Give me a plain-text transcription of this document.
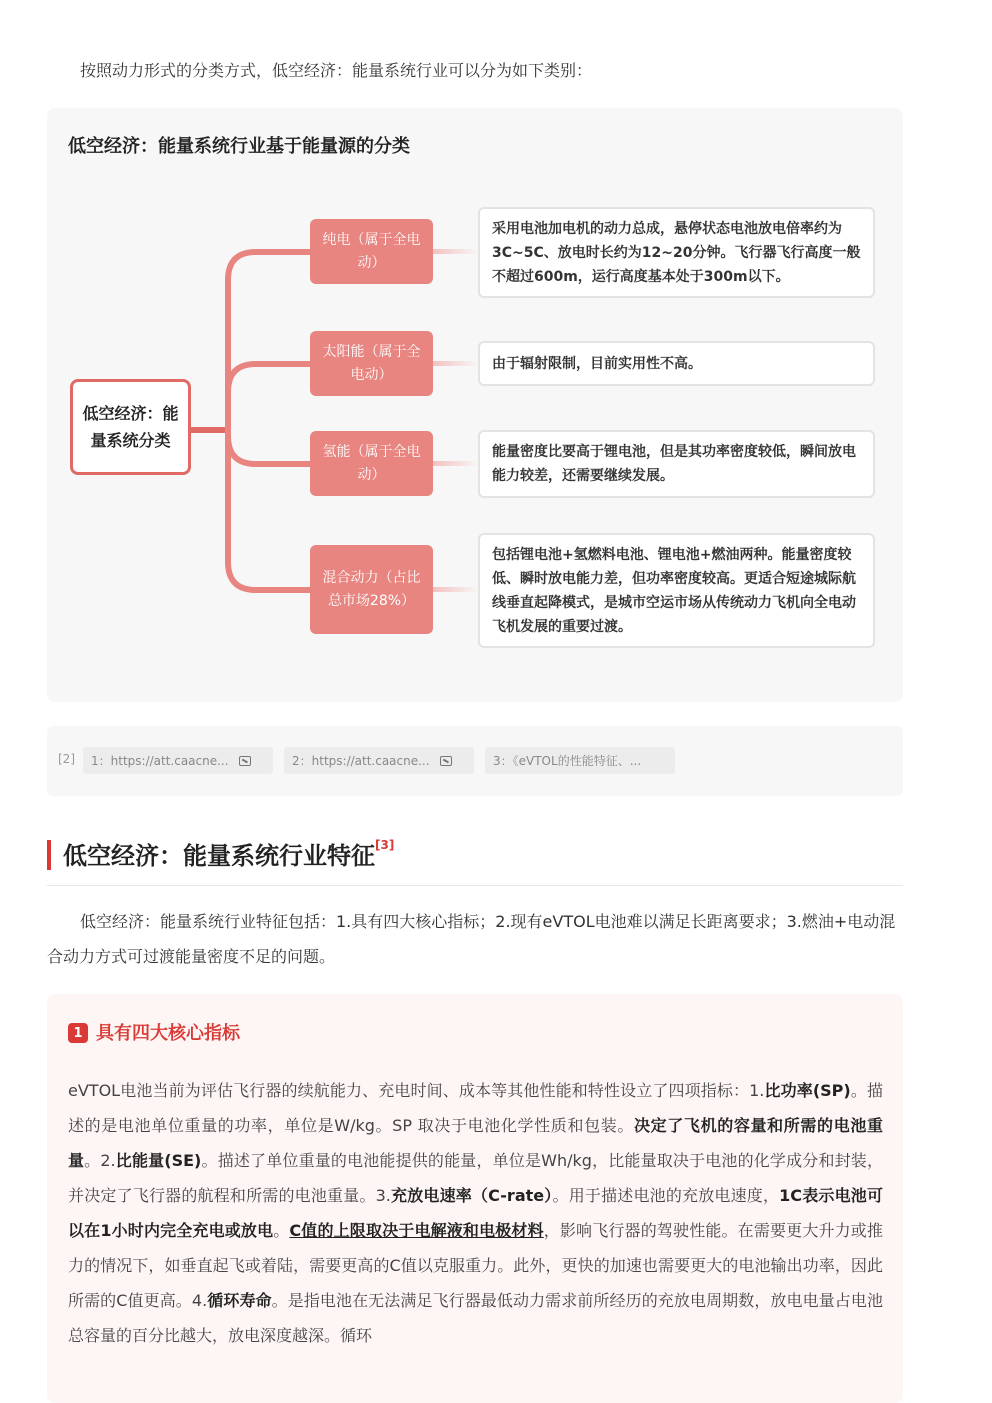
按照动力形式的分类方式，低空经济：能量系统行业可以分为如下类别：
低空经济：能量系统行业基于能量源的分类
低空经济：能量系统分类
纯电（属于全电动）
太阳能（属于全电动）
氢能（属于全电动）
混合动力（占比总市场28%）
采用电池加电机的动力总成，悬停状态电池放电倍率约为3C~5C、放电时长约为12~20分钟。飞行器飞行高度一般不超过600m，运行高度基本处于300m以下。
由于辐射限制，目前实用性不高。
能量密度比要高于锂电池，但是其功率密度较低，瞬间放电能力较差，还需要继续发展。
包括锂电池+氢燃料电池、锂电池+燃油两种。能量密度较低、瞬时放电能力差，但功率密度较高。更适合短途城际航线垂直起降模式，是城市空运市场从传统动力飞机向全电动飞机发展的重要过渡。
[2] 1：https://att.caacne...	2：https://att.caacne...	3：《eVTOL的性能特征、...
低空经济：能量系统行业特征[3]
低空经济：能量系统行业特征包括：1.具有四大核心指标；2.现有eVTOL电池难以满足长距离要求；3.燃油+电动混合动力方式可过渡能量密度不足的问题。
1 具有四大核心指标
eVTOL电池当前为评估飞行器的续航能力、充电时间、成本等其他性能和特性设立了四项指标：1.比功率(SP)。描述的是电池单位重量的功率，单位是W/kg。SP 取决于电池化学性质和包装。决定了飞机的容量和所需的电池重量。2.比能量(SE)。描述了单位重量的电池能提供的能量，单位是Wh/kg，比能量取决于电池的化学成分和封装，并决定了飞行器的航程和所需的电池重量。3.充放电速率（C-rate）。用于描述电池的充放电速度，1C表示电池可以在1小时内完全充电或放电。C值的上限取决于电解液和电极材料，影响飞行器的驾驶性能。在需要更大升力或推力的情况下，如垂直起飞或着陆，需要更高的C值以克服重力。此外，更快的加速也需要更大的电池输出功率，因此所需的C值更高。4.循环寿命。是指电池在无法满足飞行器最低动力需求前所经历的充放电周期数，放电电量占电池总容量的百分比越大，放电深度越深。循环
